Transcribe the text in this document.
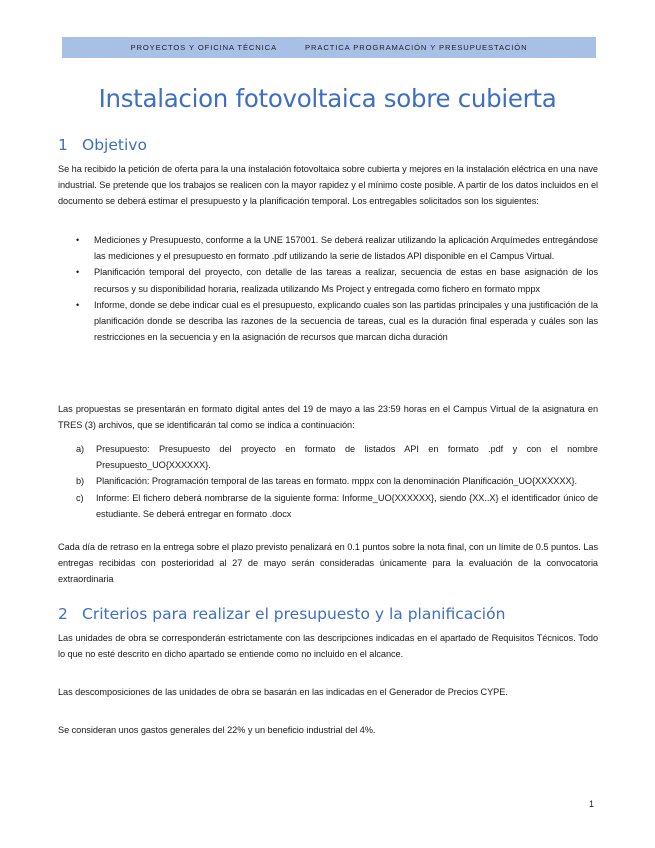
PROYECTOS Y OFICINA TÉCNICA	PRACTICA PROGRAMACIÓN Y PRESUPUESTACIÓN
Instalacion fotovoltaica sobre cubierta
1 Objetivo

Se ha recibido la petición de oferta para la una instalación fotovoltaica sobre cubierta y mejores en la instalación eléctrica en una nave industrial. Se pretende que los trabajos se realicen con la mayor rapidez y el mínimo coste posible. A partir de los datos incluidos en el documento se deberá estimar el presupuesto y la planificación temporal. Los entregables solicitados son los siguientes:

• Mediciones y Presupuesto, conforme a la UNE 157001. Se deberá realizar utilizando la aplicación Arquímedes entregándose las mediciones y el presupuesto en formato .pdf utilizando la serie de listados API disponible en el Campus Virtual.
• Planificación temporal del proyecto, con detalle de las tareas a realizar, secuencia de estas en base asignación de los recursos y su disponibilidad horaria, realizada utilizando Ms Project y entregada como fichero en formato mppx
• Informe, donde se debe indicar cual es el presupuesto, explicando cuales son las partidas principales y una justificación de la planificación donde se describa las razones de la secuencia de tareas, cual es la duración final esperada y cuáles son las restricciones en la secuencia y en la asignación de recursos que marcan dicha duración

Las propuestas se presentarán en formato digital antes del 19 de mayo a las 23:59 horas en el Campus Virtual de la asignatura en TRES (3) archivos, que se identificarán tal como se indica a continuación:

a) Presupuesto: Presupuesto del proyecto en formato de listados API en formato .pdf y con el nombre Presupuesto_UO{XXXXXX}.
b) Planificación: Programación temporal de las tareas en formato. mppx con la denominación Planificación_UO{XXXXXX}.
c) Informe: El fichero deberá nombrarse de la siguiente forma: Informe_UO{XXXXXX}, siendo {XX..X} el identificador único de estudiante. Se deberá entregar en formato .docx

Cada día de retraso en la entrega sobre el plazo previsto penalizará en 0.1 puntos sobre la nota final, con un límite de 0.5 puntos. Las entregas recibidas con posterioridad al 27 de mayo serán consideradas únicamente para la evaluación de la convocatoria extraordinaria

2 Criterios para realizar el presupuesto y la planificación

Las unidades de obra se corresponderán estrictamente con las descripciones indicadas en el apartado de Requisitos Técnicos. Todo lo que no esté descrito en dicho apartado se entiende como no incluido en el alcance.

Las descomposiciones de las unidades de obra se basarán en las indicadas en el Generador de Precios CYPE.

Se consideran unos gastos generales del 22% y un beneficio industrial del 4%.

1
